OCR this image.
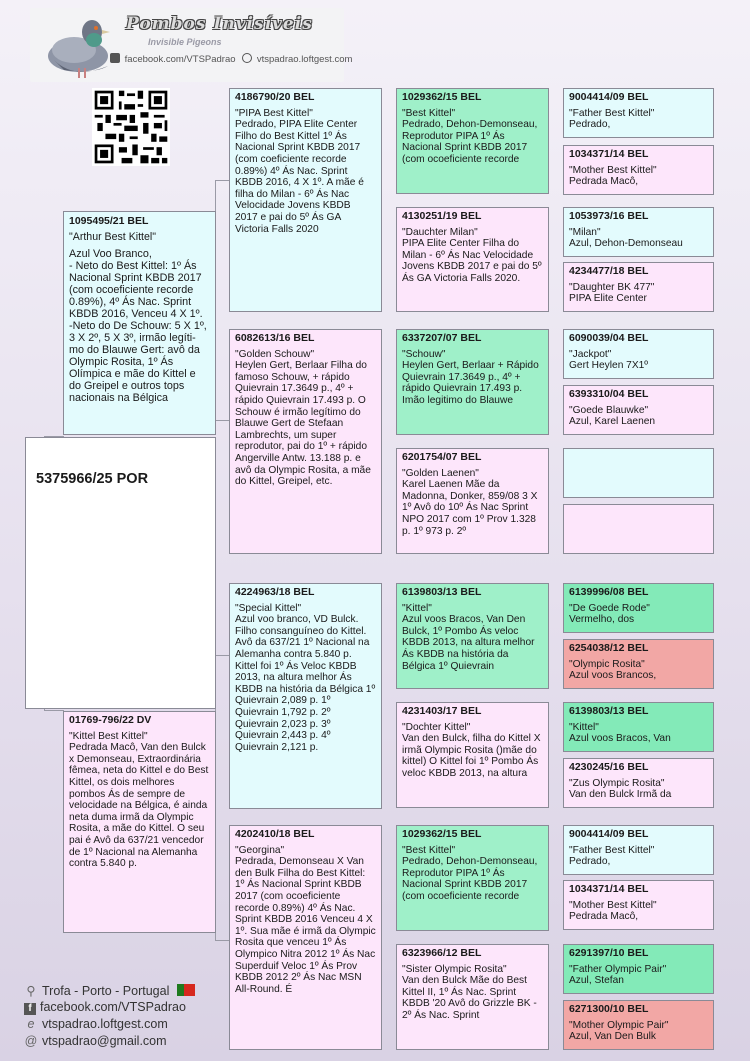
Pombos Invisíveis
Invisible Pigeons
facebook.com/VTSPadrao vtspadrao.loftgest.com
5375966/25 POR
1095495/21 BEL
"Arthur Best Kittel"
Azul Voo Branco,
- Neto do Best Kittel: 1º Ás Nacional Sprint KBDB 2017 (com ocoeficiente recorde 0.89%), 4º Ás Nac. Sprint KBDB 2016, Venceu 4 X 1º.
-Neto do De Schouw: 5 X 1º, 3 X 2º, 5 X 3º, irmão legíti-mo do Blauwe Gert: avô da Olympic Rosita, 1º Ás Olímpica e mãe do Kittel e do Greipel e outros tops nacionais na Bélgica
01769-796/22 DV
"Kittel Best Kittel"
Pedrada Macô, Van den Bulck x Demonseau, Extraordinária fêmea, neta do Kittel e do Best Kittel, os dois melhores pombos Ás de sempre de velocidade na Bélgica, é ainda neta duma irmã da Olympic Rosita, a mãe do Kittel. O seu pai é Avô da 637/21 vencedor de 1º Nacional na Alemanha contra 5.840 p.
4186790/20 BEL
"PIPA Best Kittel"
Pedrado, PIPA Elite Center Filho do Best Kittel 1º Ás Nacional Sprint KBDB 2017 (com coeficiente recorde 0.89%) 4º Ás Nac. Sprint KBDB 2016, 4 X 1º. A mãe é filha do Milan - 6º Ás Nac Velocidade Jovens KBDB 2017 e pai do 5º Ás GA Victoria Falls 2020
6082613/16 BEL
"Golden Schouw"
Heylen Gert, Berlaar Filha do famoso Schouw, + rápido Quievrain 17.3649 p., 4º + rápido Quievrain 17.493 p. O Schouw é irmão legítimo do Blauwe Gert de Stefaan Lambrechts, um super reprodutor, pai do 1º + rápido Angerville Antw. 13.188 p. e avô da Olympic Rosita, a mãe do Kittel, Greipel, etc.
4224963/18 BEL
"Special Kittel"
Azul voo branco, VD Bulck. Filho consanguíneo do Kittel. Avô da 637/21 1º Nacional na Alemanha contra 5.840 p. Kittel foi 1º Ás Veloc KBDB 2013, na altura melhor Ás KBDB na história da Bélgica 1º Quievrain 2,089 p. 1º Quievrain 1,792 p. 2º Quievrain 2,023 p. 3º Quievrain 2,443 p. 4º Quievrain 2,121 p.
4202410/18 BEL
"Georgina"
Pedrada, Demonseau X Van den Bulk Filha do Best Kittel: 1º Ás Nacional Sprint KBDB 2017 (com ocoeficiente recorde 0.89%) 4º Ás Nac. Sprint KBDB 2016 Venceu 4 X 1º. Sua mãe é irmã da Olympic Rosita que venceu 1º Ás Olympico Nitra 2012 1º Ás Nac Superduif Veloc 1º Ás Prov KBDB 2012 2º Ás Nac MSN All-Round. É
1029362/15 BEL
"Best Kittel"
Pedrado, Dehon-Demonseau, Reprodutor PIPA 1º Ás Nacional Sprint KBDB 2017 (com ocoeficiente recorde
4130251/19 BEL
"Dauchter Milan"
PIPA Elite Center Filha do Milan - 6º Ás Nac Velocidade Jovens KBDB 2017 e pai do 5º Ás GA Victoria Falls 2020.
6337207/07 BEL
"Schouw"
Heylen Gert, Berlaar + Rápido Quievrain 17.3649 p., 4º + rápido Quievrain 17.493 p. Imão legitimo do Blauwe
6201754/07 BEL
"Golden Laenen"
Karel Laenen Mãe da Madonna, Donker, 859/08 3 X 1º Avô do 10º Ás Nac Sprint NPO 2017 com 1º Prov 1.328 p. 1º 973 p. 2º
6139803/13 BEL
"Kittel"
Azul voos Bracos, Van Den Bulck, 1º Pombo Ás veloc KBDB 2013, na altura melhor Ás KBDB na história da Bélgica 1º Quievrain
4231403/17 BEL
"Dochter Kittel"
Van den Bulck, filha do Kittel X irmã Olympic Rosita ()mãe do kittel) O Kittel foi 1º Pombo Ás veloc KBDB 2013, na altura
1029362/15 BEL
"Best Kittel"
Pedrado, Dehon-Demonseau, Reprodutor PIPA 1º Ás Nacional Sprint KBDB 2017 (com ocoeficiente recorde
6323966/12 BEL
"Sister Olympic Rosita"
Van den Bulck Mãe do Best Kittel II, 1º Ás Nac. Sprint KBDB '20 Avô do Grizzle BK - 2º Ás Nac. Sprint
9004414/09 BEL
"Father Best Kittel"
Pedrado,
1034371/14 BEL
"Mother Best Kittel"
Pedrada Macô,
1053973/16 BEL
"Milan"
Azul, Dehon-Demonseau
4234477/18 BEL
"Daughter BK 477"
PIPA Elite Center
6090039/04 BEL
"Jackpot"
Gert Heylen 7X1º
6393310/04 BEL
"Goede Blauwke"
Azul, Karel Laenen
6139996/08 BEL
"De Goede Rode"
Vermelho, dos
6254038/12 BEL
"Olympic Rosita"
Azul voos Brancos,
6139803/13 BEL
"Kittel"
Azul voos Bracos, Van
4230245/16 BEL
"Zus Olympic Rosita"
Van den Bulck Irmã da
9004414/09 BEL
"Father Best Kittel"
Pedrado,
1034371/14 BEL
"Mother Best Kittel"
Pedrada Macô,
6291397/10 BEL
"Father Olympic Pair"
Azul, Stefan
6271300/10 BEL
"Mother Olympic Pair"
Azul, Van Den Bulk
⚲ Trofa - Porto - Portugal
f facebook.com/VTSPadrao
e vtspadrao.loftgest.com
@ vtspadrao@gmail.com
